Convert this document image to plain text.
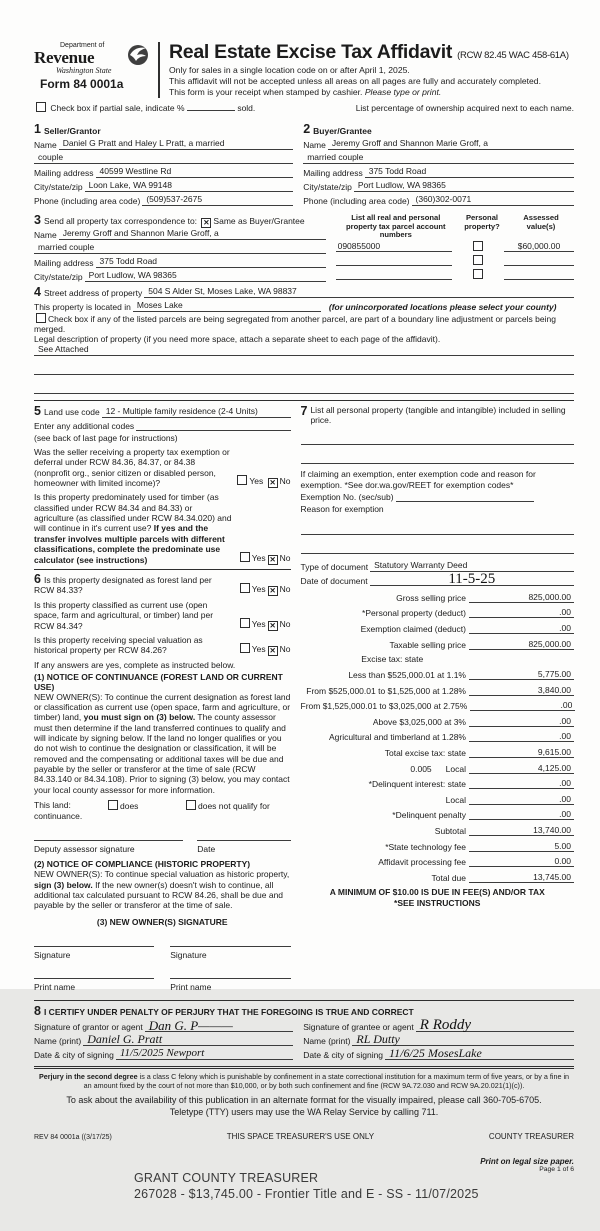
Department of
Revenue
Washington State
Form 84 0001a
Real Estate Excise Tax Affidavit (RCW 82.45 WAC 458-61A)
Only for sales in a single location code on or after April 1, 2025.
This affidavit will not be accepted unless all areas on all pages are fully and accurately completed.
This form is your receipt when stamped by cashier. Please type or print.
Check box if partial sale, indicate %	sold.	List percentage of ownership acquired next to each name.
1 Seller/Grantor
Name Daniel G Pratt and Haley L Pratt, a married
couple
Mailing address 40599 Westline Rd
City/state/zip Loon Lake, WA 99148
Phone (including area code) (509)537-2675
2 Buyer/Grantee
Name Jeremy Groff and Shannon Marie Groff, a
married couple
Mailing address 375 Todd Road
City/state/zip Port Ludlow, WA 98365
Phone (including area code) (360)302-0071
3 Send all property tax correspondence to: ✕ Same as Buyer/Grantee
Name Jeremy Groff and Shannon Marie Groff, a
married couple
Mailing address 375 Todd Road
City/state/zip Port Ludlow, WA 98365
List all real and personal property tax parcel account numbers
Personal property?
Assessed value(s)
090855000	$60,000.00
4 Street address of property 504 S Alder St, Moses Lake, WA 98837
This property is located in Moses Lake	(for unincorporated locations please select your county)
Check box if any of the listed parcels are being segregated from another parcel, are part of a boundary line adjustment or parcels being merged.
Legal description of property (if you need more space, attach a separate sheet to each page of the affidavit).
See Attached
5 Land use code 12 - Multiple family residence (2-4 Units)
Enter any additional codes
(see back of last page for instructions)
Was the seller receiving a property tax exemption or deferral under RCW 84.36, 84.37, or 84.38 (nonprofit org., senior citizen or disabled person, homeowner with limited income)?	Yes ✕ No
Is this property predominately used for timber (as classified under RCW 84.34 and 84.33) or agriculture (as classified under RCW 84.34.020) and will continue in it's current use? If yes and the transfer involves multiple parcels with different classifications, complete the predominate use calculator (see instructions)	Yes ✕ No
6 Is this property designated as forest land per RCW 84.33?	Yes ✕ No
Is this property classified as current use (open space, farm and agricultural, or timber) land per RCW 84.34?	Yes ✕ No
Is this property receiving special valuation as historical property per RCW 84.26?	Yes ✕ No
If any answers are yes, complete as instructed below.
(1) NOTICE OF CONTINUANCE (FOREST LAND OR CURRENT USE)
NEW OWNER(S): To continue the current designation as forest land or classification as current use (open space, farm and agriculture, or timber) land, you must sign on (3) below. The county assessor must then determine if the land transferred continues to qualify and will indicate by signing below. If the land no longer qualifies or you do not wish to continue the designation or classification, it will be removed and the compensating or additional taxes will be due and payable by the seller or transferor at the time of sale (RCW 84.33.140 or 84.34.108). Prior to signing (3) below, you may contact your local county assessor for more information.
This land:	does	does not qualify for
continuance.
Deputy assessor signature	Date
(2) NOTICE OF COMPLIANCE (HISTORIC PROPERTY)
NEW OWNER(S): To continue special valuation as historic property, sign (3) below. If the new owner(s) doesn't wish to continue, all additional tax calculated pursuant to RCW 84.26, shall be due and payable by the seller or transferor at the time of sale.
(3) NEW OWNER(S) SIGNATURE
Signature	Signature
Print name	Print name
7 List all personal property (tangible and intangible) included in selling price.
If claiming an exemption, enter exemption code and reason for exemption. *See dor.wa.gov/REET for exemption codes*
Exemption No. (sec/sub)
Reason for exemption
Type of document Statutory Warranty Deed
Date of document	11-5-25
Gross selling price	825,000.00
*Personal property (deduct)	.00
Exemption claimed (deduct)	.00
Taxable selling price	825,000.00
Excise tax: state
Less than $525,000.01 at 1.1%	5,775.00
From $525,000.01 to $1,525,000 at 1.28%	3,840.00
From $1,525,000.01 to $3,025,000 at 2.75%	.00
Above $3,025,000 at 3%	.00
Agricultural and timberland at 1.28%	.00
Total excise tax: state	9,615.00
0.005 Local	4,125.00
*Delinquent interest: state	.00
Local	.00
*Delinquent penalty	.00
Subtotal	13,740.00
*State technology fee	5.00
Affidavit processing fee	0.00
Total due	13,745.00
A MINIMUM OF $10.00 IS DUE IN FEE(S) AND/OR TAX
*SEE INSTRUCTIONS
8 I CERTIFY UNDER PENALTY OF PERJURY THAT THE FOREGOING IS TRUE AND CORRECT
Signature of grantor or agent Dan G. P———
Name (print) Daniel G. Pratt
Date & city of signing 11/5/2025 Newport
Signature of grantee or agent R Roddy
Name (print) RL Dutty
Date & city of signing 11/6/25 MosesLake
Perjury in the second degree is a class C felony which is punishable by confinement in a state correctional institution for a maximum term of five years, or by a fine in an amount fixed by the court of not more than $10,000, or by both such confinement and fine (RCW 9A.72.030 and RCW 9A.20.021(1)(c)).
To ask about the availability of this publication in an alternate format for the visually impaired, please call 360-705-6705. Teletype (TTY) users may use the WA Relay Service by calling 711.
REV 84 0001a ((3/17/25)	THIS SPACE TREASURER'S USE ONLY	COUNTY TREASURER
Print on legal size paper.
Page 1 of 6
GRANT COUNTY TREASURER
267028 - $13,745.00 - Frontier Title and E - SS - 11/07/2025
